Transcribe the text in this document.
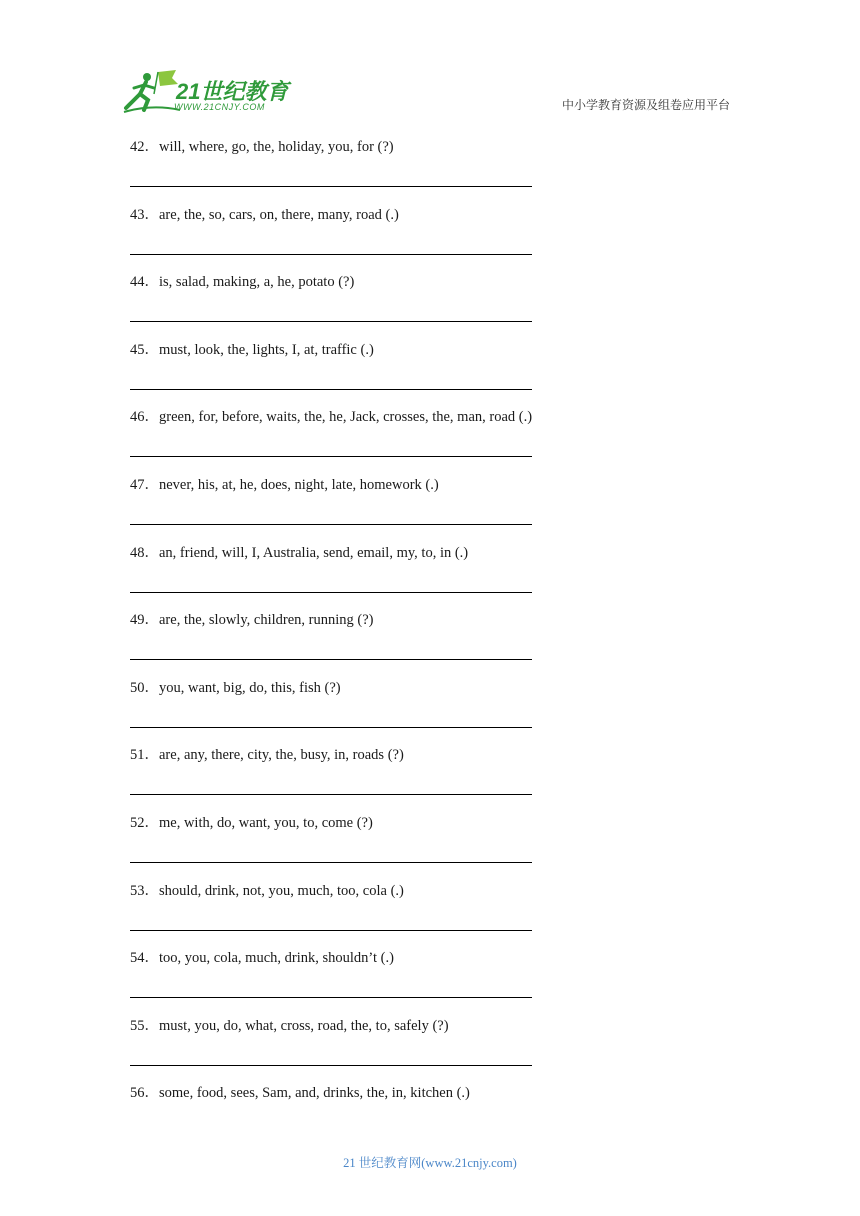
21世纪教育
WWW.21CNJY.COM	中小学教育资源及组卷应用平台
42．will, where, go, the, holiday, you, for (?)
43．are, the, so, cars, on, there, many, road (.)
44．is, salad, making, a, he, potato (?)
45．must, look, the, lights, I, at, traffic (.)
46．green, for, before, waits, the, he, Jack, crosses, the, man, road (.)
47．never, his, at, he, does, night, late, homework (.)
48．an, friend, will, I, Australia, send, email, my, to, in (.)
49．are, the, slowly, children, running (?)
50．you, want, big, do, this, fish (?)
51．are, any, there, city, the, busy, in, roads (?)
52．me, with, do, want, you, to, come (?)
53．should, drink, not, you, much, too, cola (.)
54．too, you, cola, much, drink, shouldn’t (.)
55．must, you, do, what, cross, road, the, to, safely (?)
56．some, food, sees, Sam, and, drinks, the, in, kitchen (.)
21 世纪教育网(www.21cnjy.com)
